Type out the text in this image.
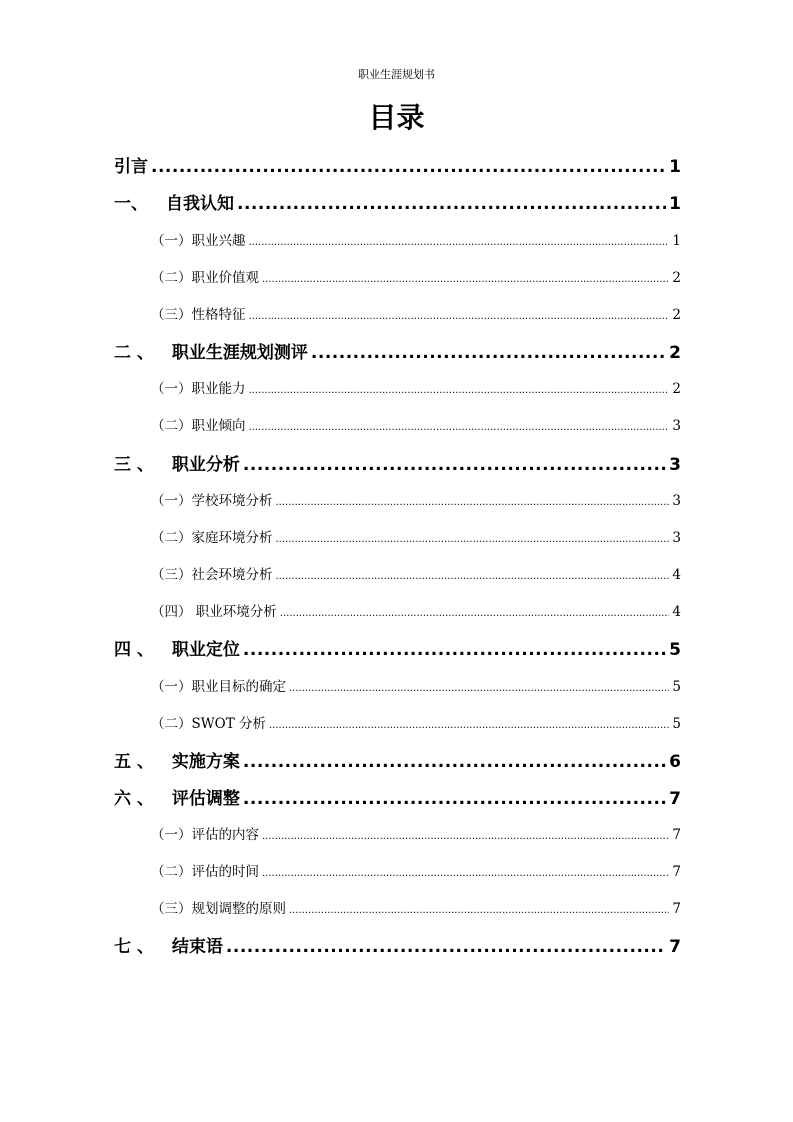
职业生涯规划书
目录
引言 .....	1
一、 自我认知 .....	1
（一）职业兴趣 .....	1
（二）职业价值观 .....	2
（三）性格特征 .....	2
二 、 职业生涯规划测评 .....	2
（一）职业能力 .....	2
（二）职业倾向 .....	3
三 、 职业分析 .....	3
（一）学校环境分析 .....	3
（二）家庭环境分析 .....	3
（三）社会环境分析 .....	4
（四） 职业环境分析 .....	4
四 、 职业定位 .....	5
（一）职业目标的确定 .....	5
（二）SWOT 分析 .....	5
五 、 实施方案 .....	6
六 、 评估调整 .....	7
（一）评估的内容 .....	7
（二）评估的时间 .....	7
（三）规划调整的原则 .....	7
七 、 结束语 .....	7
